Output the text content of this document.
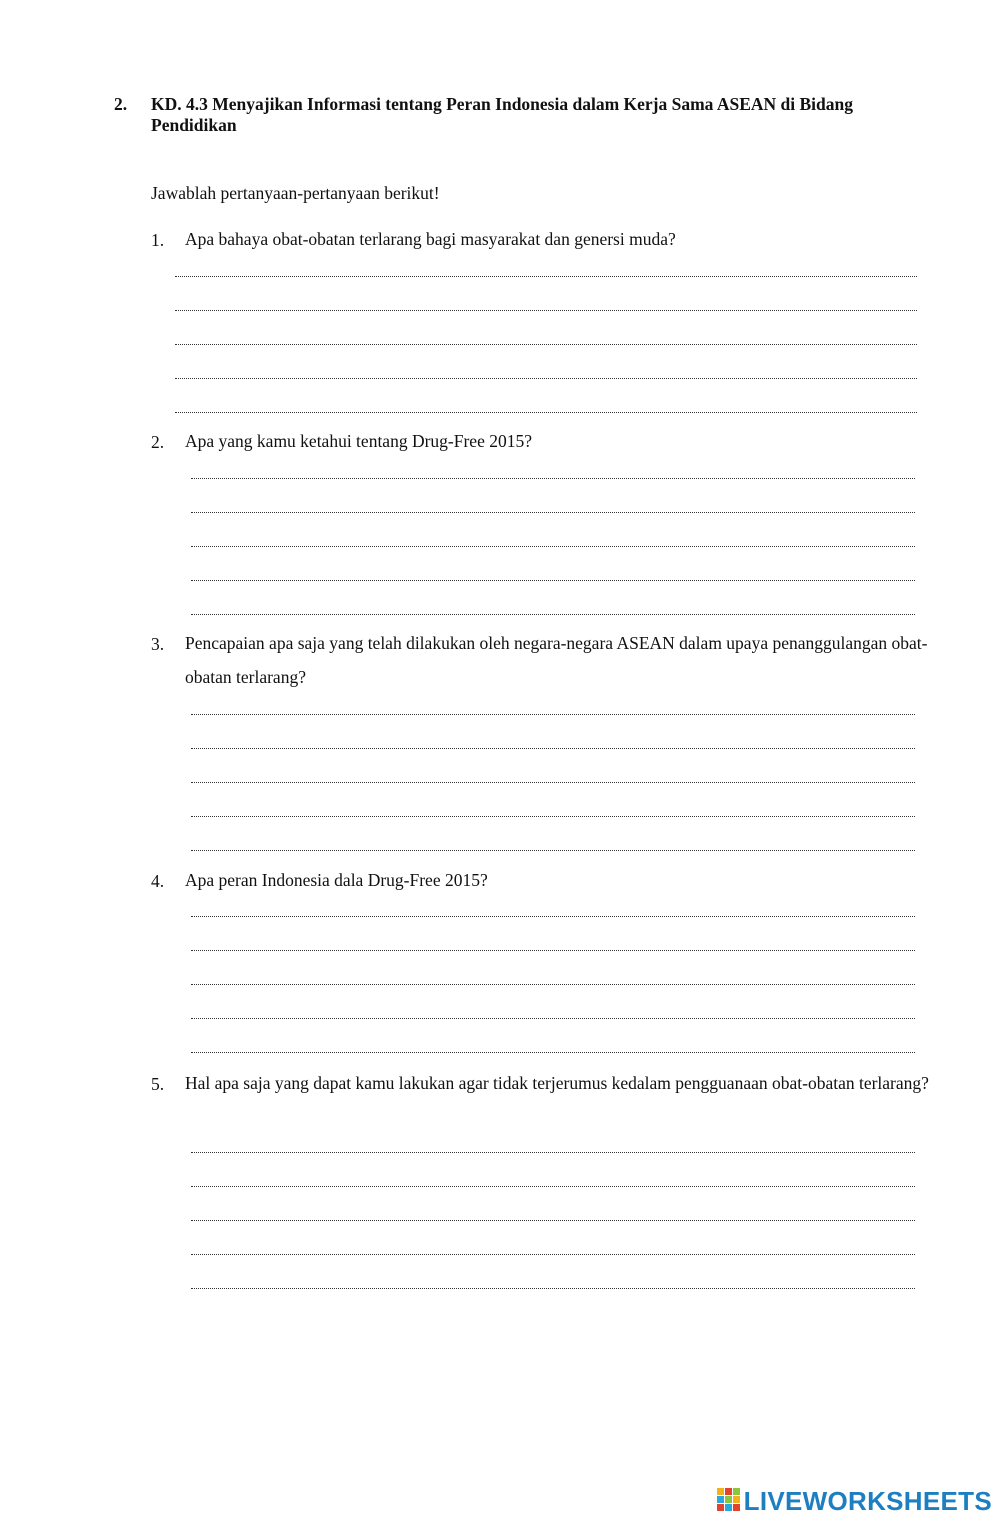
2. KD. 4.3 Menyajikan Informasi tentang Peran Indonesia dalam Kerja Sama ASEAN di Bidang Pendidikan
Jawablah pertanyaan-pertanyaan berikut!
1. Apa bahaya obat-obatan terlarang bagi masyarakat dan genersi muda?
2. Apa yang kamu ketahui tentang Drug-Free 2015?
3. Pencapaian apa saja yang telah dilakukan oleh negara-negara ASEAN dalam upaya penanggulangan obat-obatan terlarang?
4. Apa peran Indonesia dala Drug-Free 2015?
5. Hal apa saja yang dapat kamu lakukan agar tidak terjerumus kedalam pengguanaan obat-obatan terlarang?
LIVEWORKSHEETS
